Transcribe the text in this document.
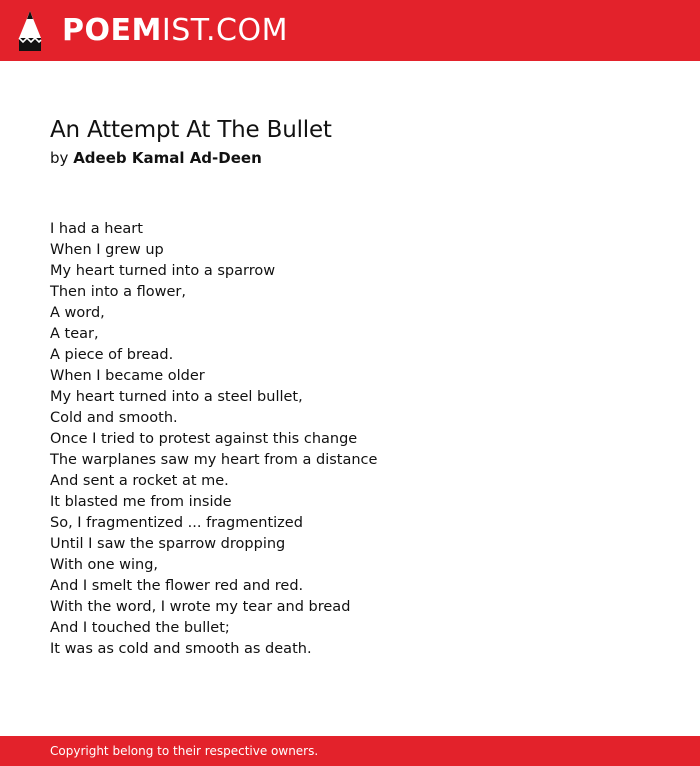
POEM IST.COM
An Attempt At The Bullet
by Adeeb Kamal Ad-Deen
I had a heart
When I grew up
My heart turned into a sparrow
Then into a flower,
A word,
A tear,
A piece of bread.
When I became older
My heart turned into a steel bullet,
Cold and smooth.
Once I tried to protest against this change
The warplanes saw my heart from a distance
And sent a rocket at me.
It blasted me from inside
So, I fragmentized ... fragmentized
Until I saw the sparrow dropping
With one wing,
And I smelt the flower red and red.
With the word, I wrote my tear and bread
And I touched the bullet;
It was as cold and smooth as death.
Copyright belong to their respective owners.
